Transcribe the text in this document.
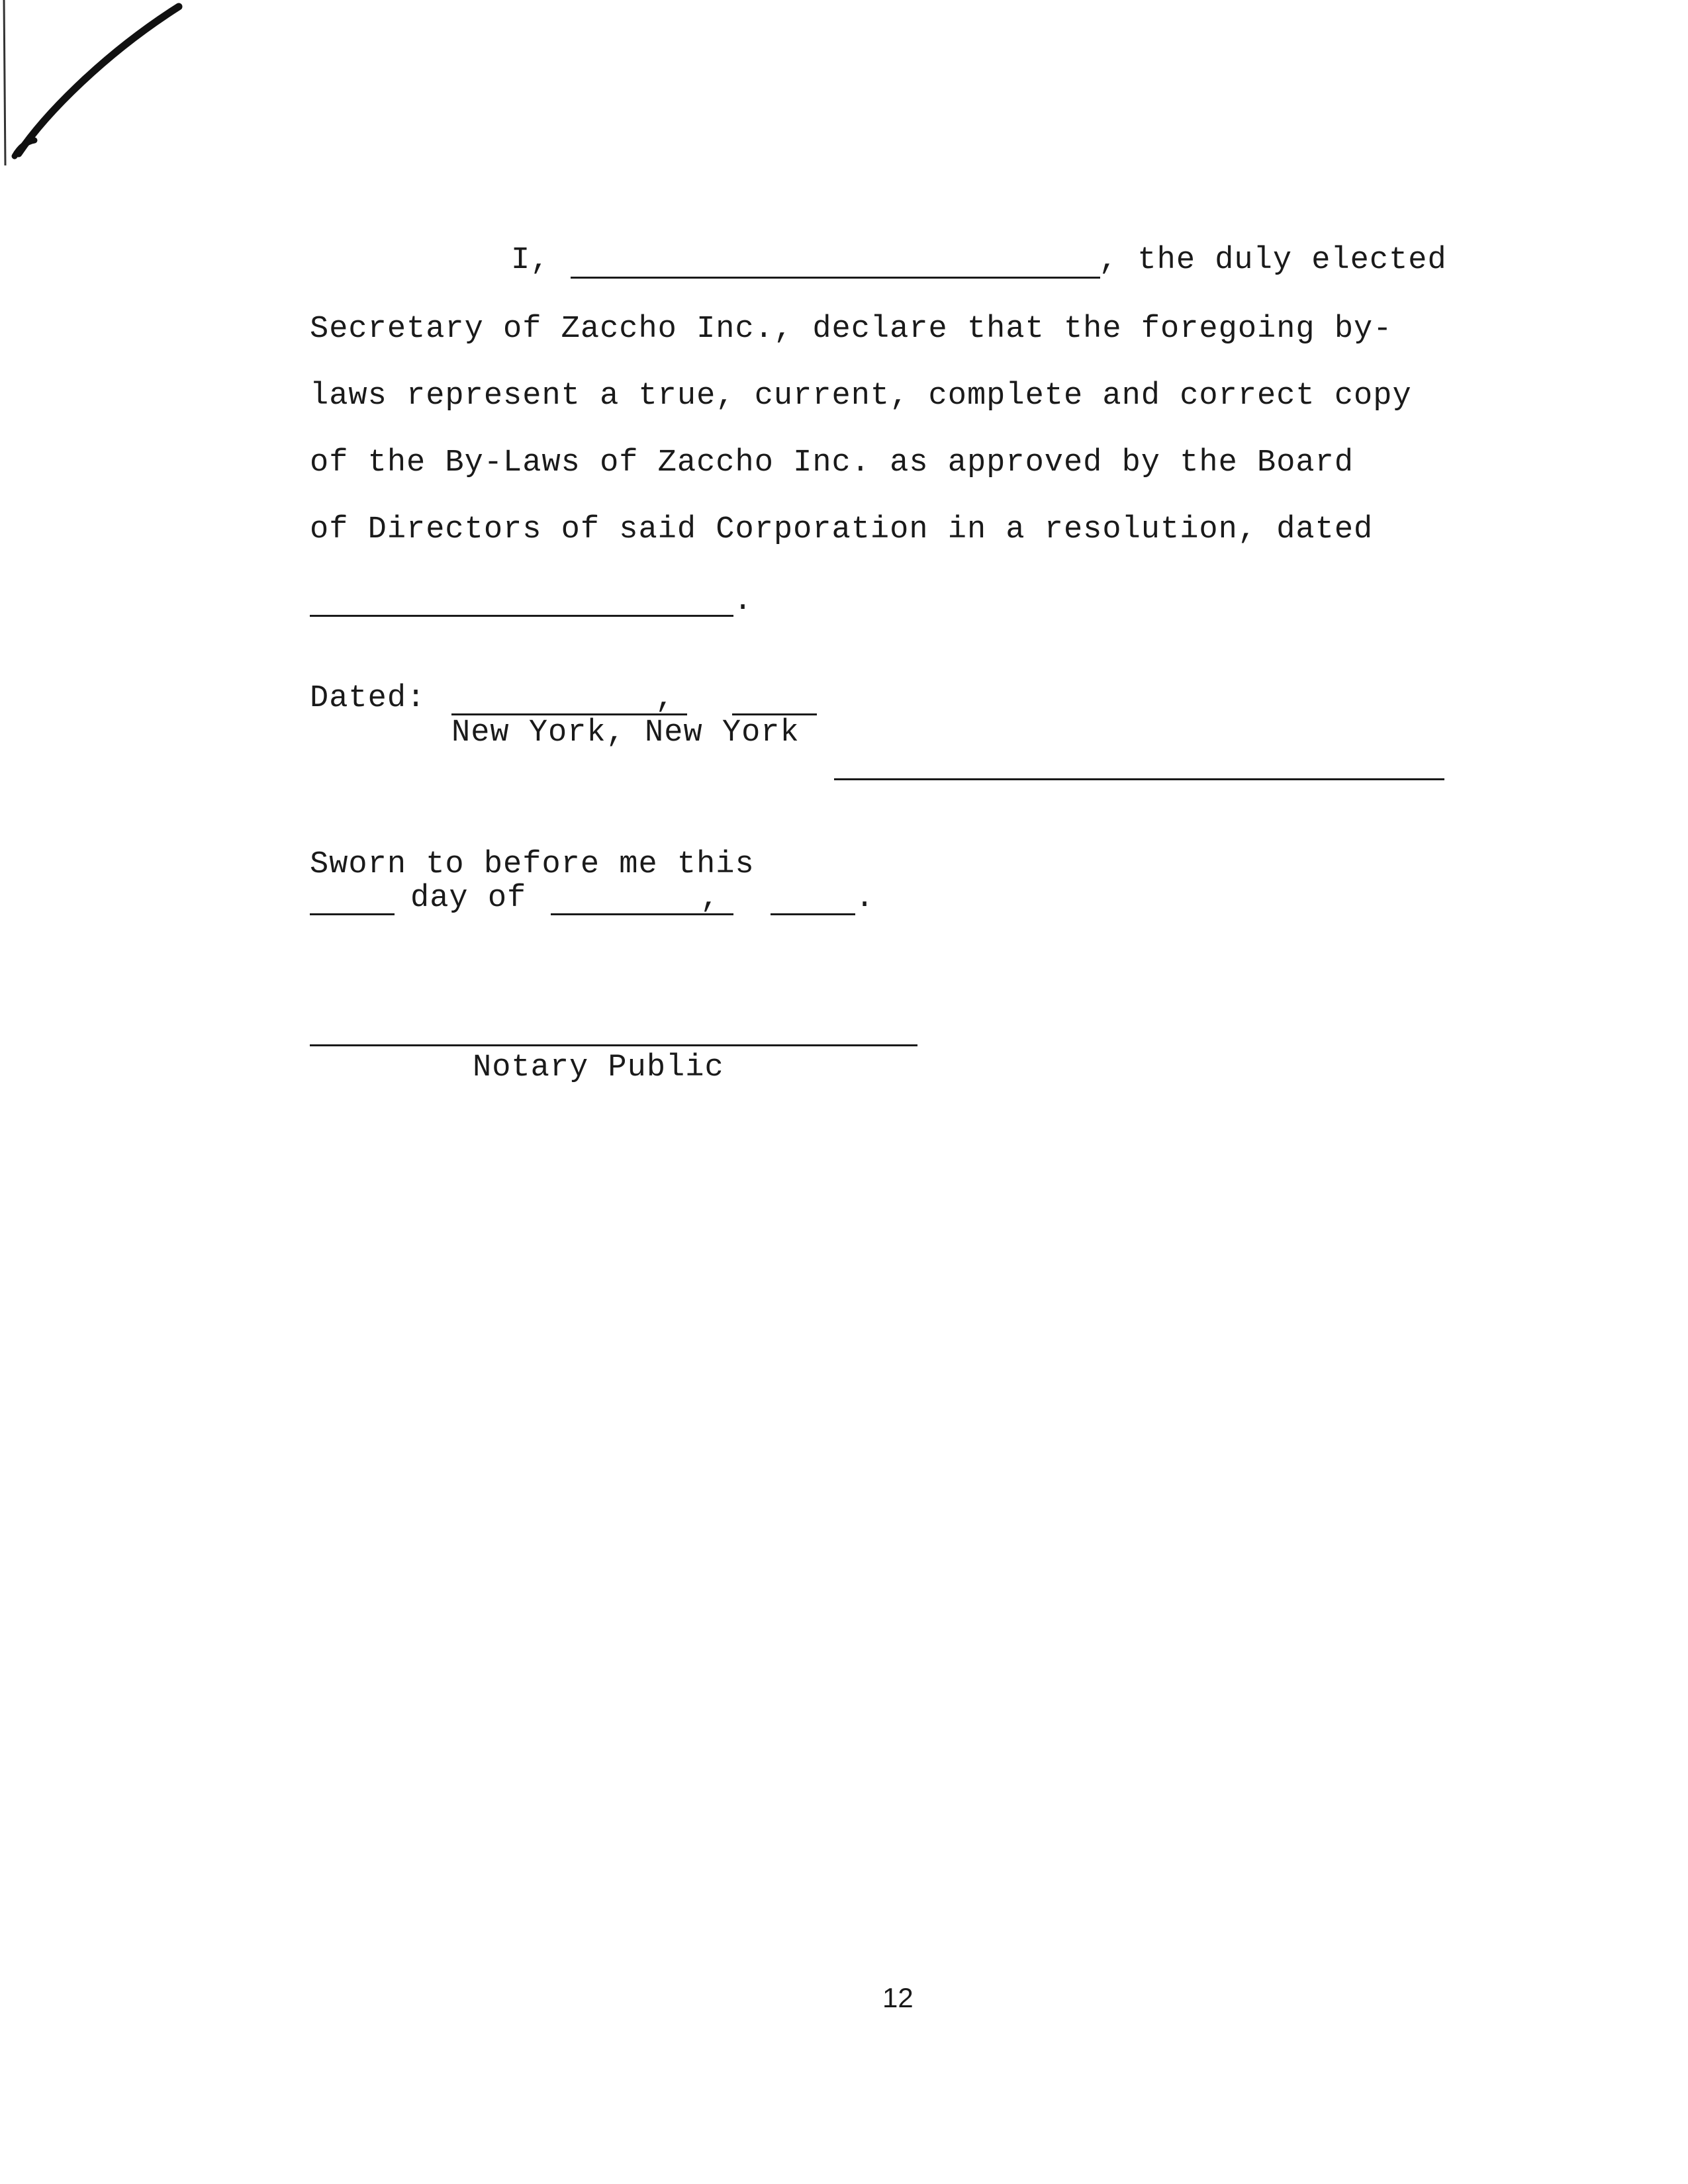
I,	, the duly elected
Secretary of Zaccho Inc., declare that the foregoing by-
laws represent a true, current, complete and correct copy
of the By-Laws of Zaccho Inc. as approved by the Board
of Directors of said Corporation in a resolution, dated
.
Dated:	,
New York, New York
Sworn to before me this
day of	,	.
Notary Public
12
